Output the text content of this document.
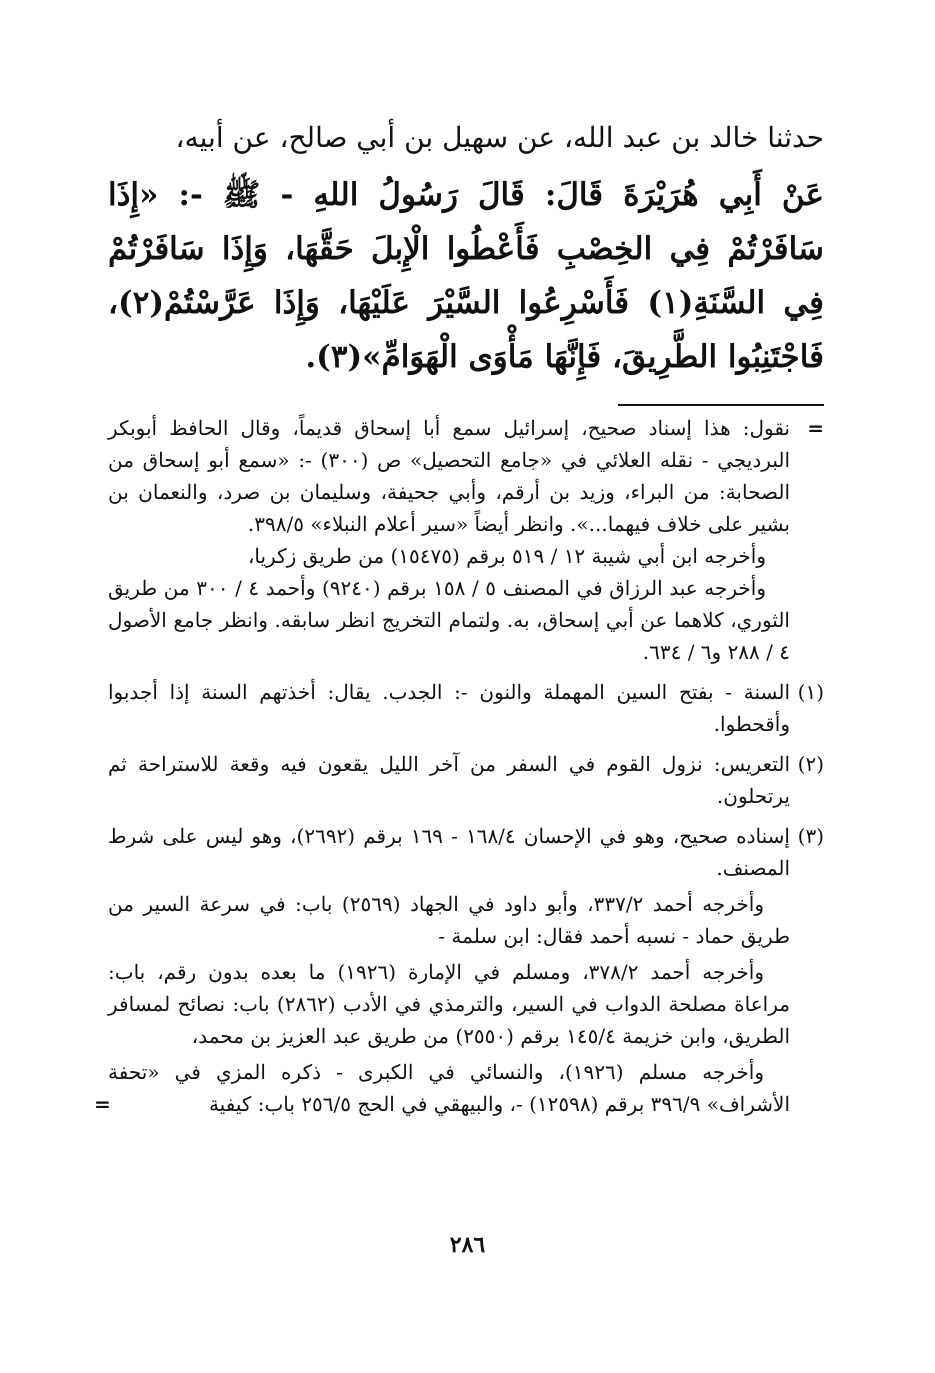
حدثنا خالد بن عبد الله، عن سهيل بن أبي صالح، عن أبيه،

عَنْ أَبِي هُرَيْرَةَ قَالَ: قَالَ رَسُولُ اللهِ - ﷺ -: «إِذَا سَافَرْتُمْ فِي الخِصْبِ فَأَعْطُوا الْإِبلَ حَقَّهَا، وَإِذَا سَافَرْتُمْ فِي السَّنَةِ(١) فَأَسْرِعُوا السَّيْرَ عَلَيْهَا، وَإِذَا عَرَّسْتُمْ(٢)، فَاجْتَنِبُوا الطَّرِيقَ، فَإِنَّهَا مَأْوَى الْهَوَامِّ»(٣).

=

نقول: هذا إسناد صحيح، إسرائيل سمع أبا إسحاق قديماً، وقال الحافظ أبوبكر البرديجي - نقله العلائي في «جامع التحصيل» ص (٣٠٠) -: «سمع أبو إسحاق من الصحابة: من البراء، وزيد بن أرقم، وأبي جحيفة، وسليمان بن صرد، والنعمان بن بشير على خلاف فيهما...». وانظر أيضاً «سير أعلام النبلاء» ٣٩٨/٥.

وأخرجه ابن أبي شيبة ١٢ / ٥١٩ برقم (١٥٤٧٥) من طريق زكريا،

وأخرجه عبد الرزاق في المصنف ٥ / ١٥٨ برقم (٩٢٤٠) وأحمد ٤ / ٣٠٠ من طريق الثوري، كلاهما عن أبي إسحاق، به. ولتمام التخريج انظر سابقه. وانظر جامع الأصول ٤ / ٢٨٨ و٦ / ٦٣٤.

(١)

السنة - بفتح السين المهملة والنون -: الجدب. يقال: أخذتهم السنة إذا أجدبوا وأقحطوا.

(٢)

التعريس: نزول القوم في السفر من آخر الليل يقعون فيه وقعة للاستراحة ثم يرتحلون.

(٣)

إسناده صحيح، وهو في الإحسان ١٦٨/٤ - ١٦٩ برقم (٢٦٩٢)، وهو ليس على شرط المصنف.

وأخرجه أحمد ٣٣٧/٢، وأبو داود في الجهاد (٢٥٦٩) باب: في سرعة السير من طريق حماد - نسبه أحمد فقال: ابن سلمة -

وأخرجه أحمد ٣٧٨/٢، ومسلم في الإمارة (١٩٢٦) ما بعده بدون رقم، باب: مراعاة مصلحة الدواب في السير، والترمذي في الأدب (٢٨٦٢) باب: نصائح لمسافر الطريق، وابن خزيمة ١٤٥/٤ برقم (٢٥٥٠) من طريق عبد العزيز بن محمد،

وأخرجه مسلم (١٩٢٦)، والنسائي في الكبرى - ذكره المزي في «تحفة الأشراف» ٣٩٦/٩ برقم (١٢٥٩٨) -، والبيهقي في الحج ٢٥٦/٥ باب: كيفية
=

٢٨٦
